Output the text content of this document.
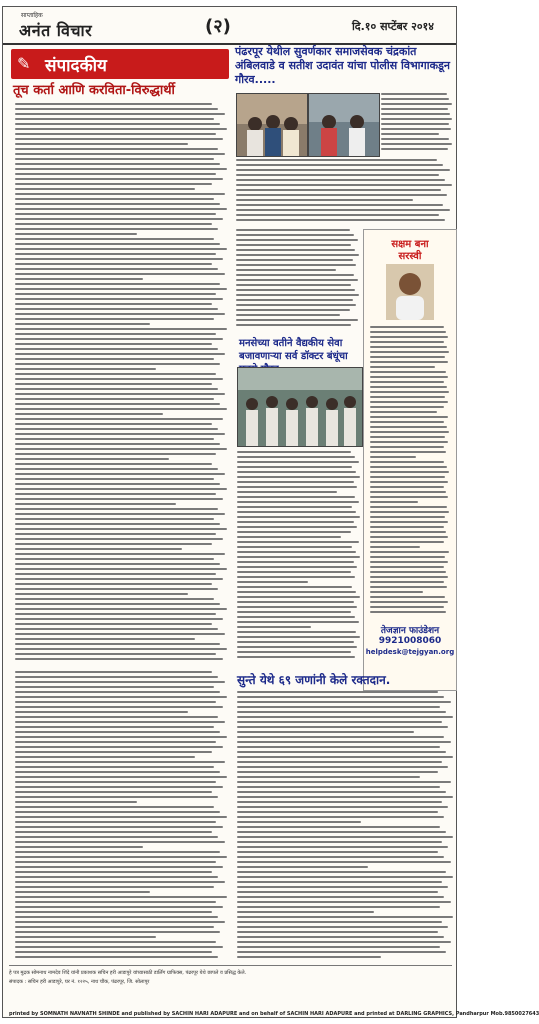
साप्ताहिक
अनंत विचार	(२)	दि.१० सप्टेंबर २०१४
✎ संपादकीय
तूच कर्ता आणि करविता-विरुद्धार्थी
पंढरपूर येथील सुवर्णकार समाजसेवक चंद्रकांत अंबिलवाडे व सतीश उदावंत यांचा पोलीस विभागाकडून गौरव.....
सक्षम बना
सरस्वी
तेजज्ञान फाउंडेशन
9921008060
helpdesk@tejgyan.org
मनसेच्या वतीने वैद्यकीय सेवा बजावणाऱ्या सर्व डॉक्टर बंधूंचा
सुन्ते येथे ६९ जणांनी केले रक्तदान.
हे पत्र मुद्रक सोमनाथ नामदेव शिंदे यांनी प्रकाशक सचिन हरी आडापुरे यांच्यासाठी डार्लिंग ग्राफिक्स, पंढरपूर येथे छापले व प्रसिद्ध केले.
संपादक : सचिन हरी आडापुरे, घर नं. १२२५, नाथ चौक, पंढरपूर, जि. सोलापूर
printed by SOMNATH NAVNATH SHINDE and published by SACHIN HARI ADAPURE and on behalf of SACHIN HARI ADAPURE and printed at DARLING GRAPHICS, Pandharpur Mob.9850027643
